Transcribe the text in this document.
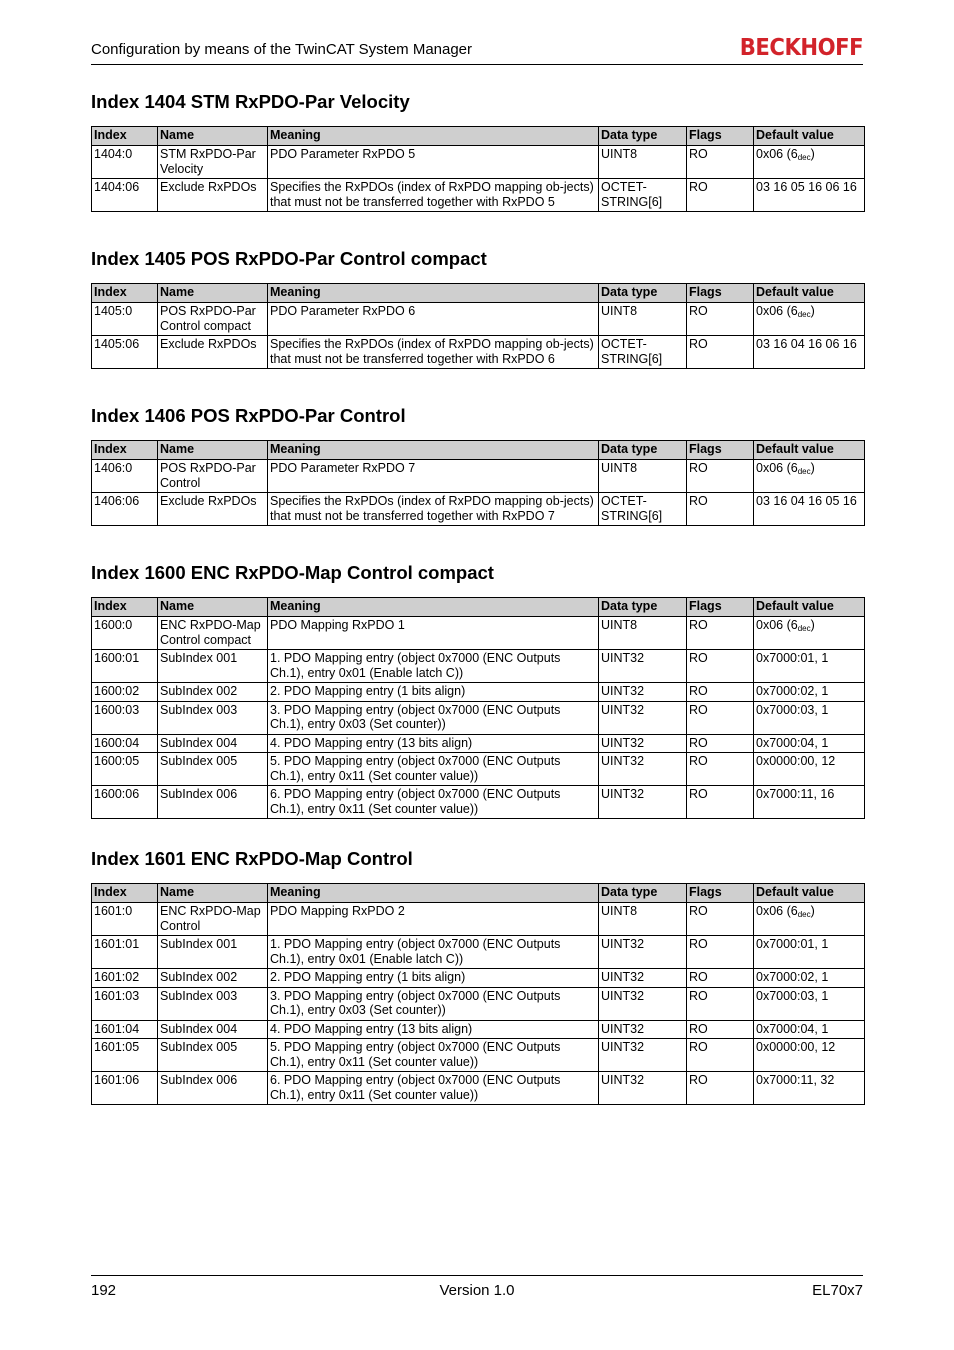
Configuration by means of the TwinCAT System Manager	BECKHOFF
Index 1404 STM RxPDO-Par Velocity
Index	Name	Meaning	Data type	Flags	Default value
1404:0	STM RxPDO-Par Velocity	PDO Parameter RxPDO 5	UINT8	RO	0x06 $(6_{dec})$
1404:06	Exclude RxPDOs	Specifies the RxPDOs (index of RxPDO mapping ob-jects) that must not be transferred together with RxPDO 5	OCTET-STRING[6]	RO	03 16 05 16 06 16
Index 1405 POS RxPDO-Par Control compact
Index	Name	Meaning	Data type	Flags	Default value
1405:0	POS RxPDO-Par Control compact	PDO Parameter RxPDO 6	UINT8	RO	0x06 $(6_{dec})$
1405:06	Exclude RxPDOs	Specifies the RxPDOs (index of RxPDO mapping ob-jects) that must not be transferred together with RxPDO 6	OCTET-STRING[6]	RO	03 16 04 16 06 16
Index 1406 POS RxPDO-Par Control
Index	Name	Meaning	Data type	Flags	Default value
1406:0	POS RxPDO-Par Control	PDO Parameter RxPDO 7	UINT8	RO	0x06 $(6_{dec})$
1406:06	Exclude RxPDOs	Specifies the RxPDOs (index of RxPDO mapping ob-jects) that must not be transferred together with RxPDO 7	OCTET-STRING[6]	RO	03 16 04 16 05 16
Index 1600 ENC RxPDO-Map Control compact
Index	Name	Meaning	Data type	Flags	Default value
1600:0	ENC RxPDO-Map Control compact	PDO Mapping RxPDO 1	UINT8	RO	0x06 $(6_{dec})$
1600:01	SubIndex 001	1. PDO Mapping entry (object 0x7000 (ENC Outputs Ch.1), entry 0x01 (Enable latch C))	UINT32	RO	0x7000:01, 1
1600:02	SubIndex 002	2. PDO Mapping entry (1 bits align)	UINT32	RO	0x7000:02, 1
1600:03	SubIndex 003	3. PDO Mapping entry (object 0x7000 (ENC Outputs Ch.1), entry 0x03 (Set counter))	UINT32	RO	0x7000:03, 1
1600:04	SubIndex 004	4. PDO Mapping entry (13 bits align)	UINT32	RO	0x7000:04, 1
1600:05	SubIndex 005	5. PDO Mapping entry (object 0x7000 (ENC Outputs Ch.1), entry 0x11 (Set counter value))	UINT32	RO	0x0000:00, 12
1600:06	SubIndex 006	6. PDO Mapping entry (object 0x7000 (ENC Outputs Ch.1), entry 0x11 (Set counter value))	UINT32	RO	0x7000:11, 16
Index 1601 ENC RxPDO-Map Control
Index	Name	Meaning	Data type	Flags	Default value
1601:0	ENC RxPDO-Map Control	PDO Mapping RxPDO 2	UINT8	RO	0x06 $(6_{dec})$
1601:01	SubIndex 001	1. PDO Mapping entry (object 0x7000 (ENC Outputs Ch.1), entry 0x01 (Enable latch C))	UINT32	RO	0x7000:01, 1
1601:02	SubIndex 002	2. PDO Mapping entry (1 bits align)	UINT32	RO	0x7000:02, 1
1601:03	SubIndex 003	3. PDO Mapping entry (object 0x7000 (ENC Outputs Ch.1), entry 0x03 (Set counter))	UINT32	RO	0x7000:03, 1
1601:04	SubIndex 004	4. PDO Mapping entry (13 bits align)	UINT32	RO	0x7000:04, 1
1601:05	SubIndex 005	5. PDO Mapping entry (object 0x7000 (ENC Outputs Ch.1), entry 0x11 (Set counter value))	UINT32	RO	0x0000:00, 12
1601:06	SubIndex 006	6. PDO Mapping entry (object 0x7000 (ENC Outputs Ch.1), entry 0x11 (Set counter value))	UINT32	RO	0x7000:11, 32
192	Version 1.0	EL70x7
